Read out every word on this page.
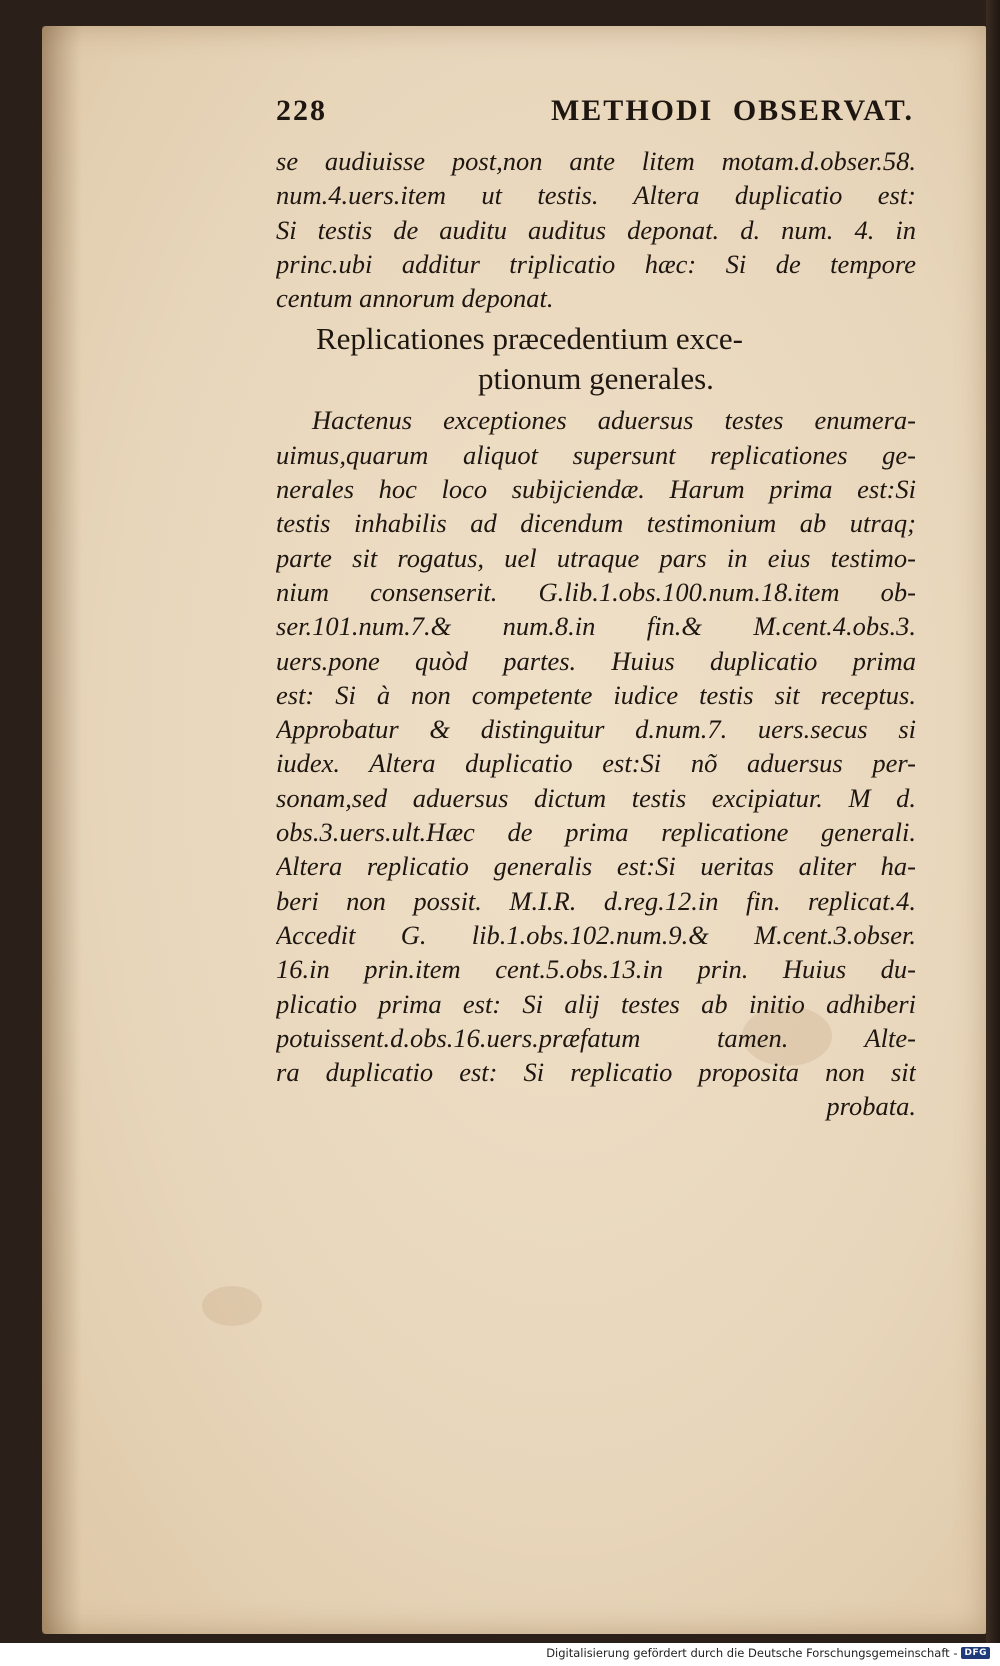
228	METHODI OBSERVAT.
se audiuisse post,non ante litem motam.d.obser.58.
num.4.uers.item ut testis. Altera duplicatio est:
Si testis de auditu auditus deponat. d. num. 4. in
princ.ubi additur triplicatio hæc: Si de tempore
centum annorum deponat.
Replicationes præcedentium exce-
ptionum generales.
Hactenus exceptiones aduersus testes enumera-
uimus,quarum aliquot supersunt replicationes ge-
nerales hoc loco subijciendæ. Harum prima est:Si
testis inhabilis ad dicendum testimonium ab utraq;
parte sit rogatus, uel utraque pars in eius testimo-
nium consenserit. G.lib.1.obs.100.num.18.item ob-
ser.101.num.7.& num.8.in fin.& M.cent.4.obs.3.
uers.pone quòd partes. Huius duplicatio prima
est: Si à non competente iudice testis sit receptus.
Approbatur & distinguitur d.num.7. uers.secus si
iudex. Altera duplicatio est:Si nõ aduersus per-
sonam,sed aduersus dictum testis excipiatur. M d.
obs.3.uers.ult.Hæc de prima replicatione generali.
Altera replicatio generalis est:Si ueritas aliter ha-
beri non possit. M.I.R. d.reg.12.in fin. replicat.4.
Accedit G. lib.1.obs.102.num.9.& M.cent.3.obser.
16.in prin.item cent.5.obs.13.in prin. Huius du-
plicatio prima est: Si alij testes ab initio adhiberi
potuissent.d.obs.16.uers.præfatum tamen. Alte-
ra duplicatio est: Si replicatio proposita non sit
probata.
Digitalisierung gefördert durch die Deutsche Forschungsgemeinschaft - DFG
